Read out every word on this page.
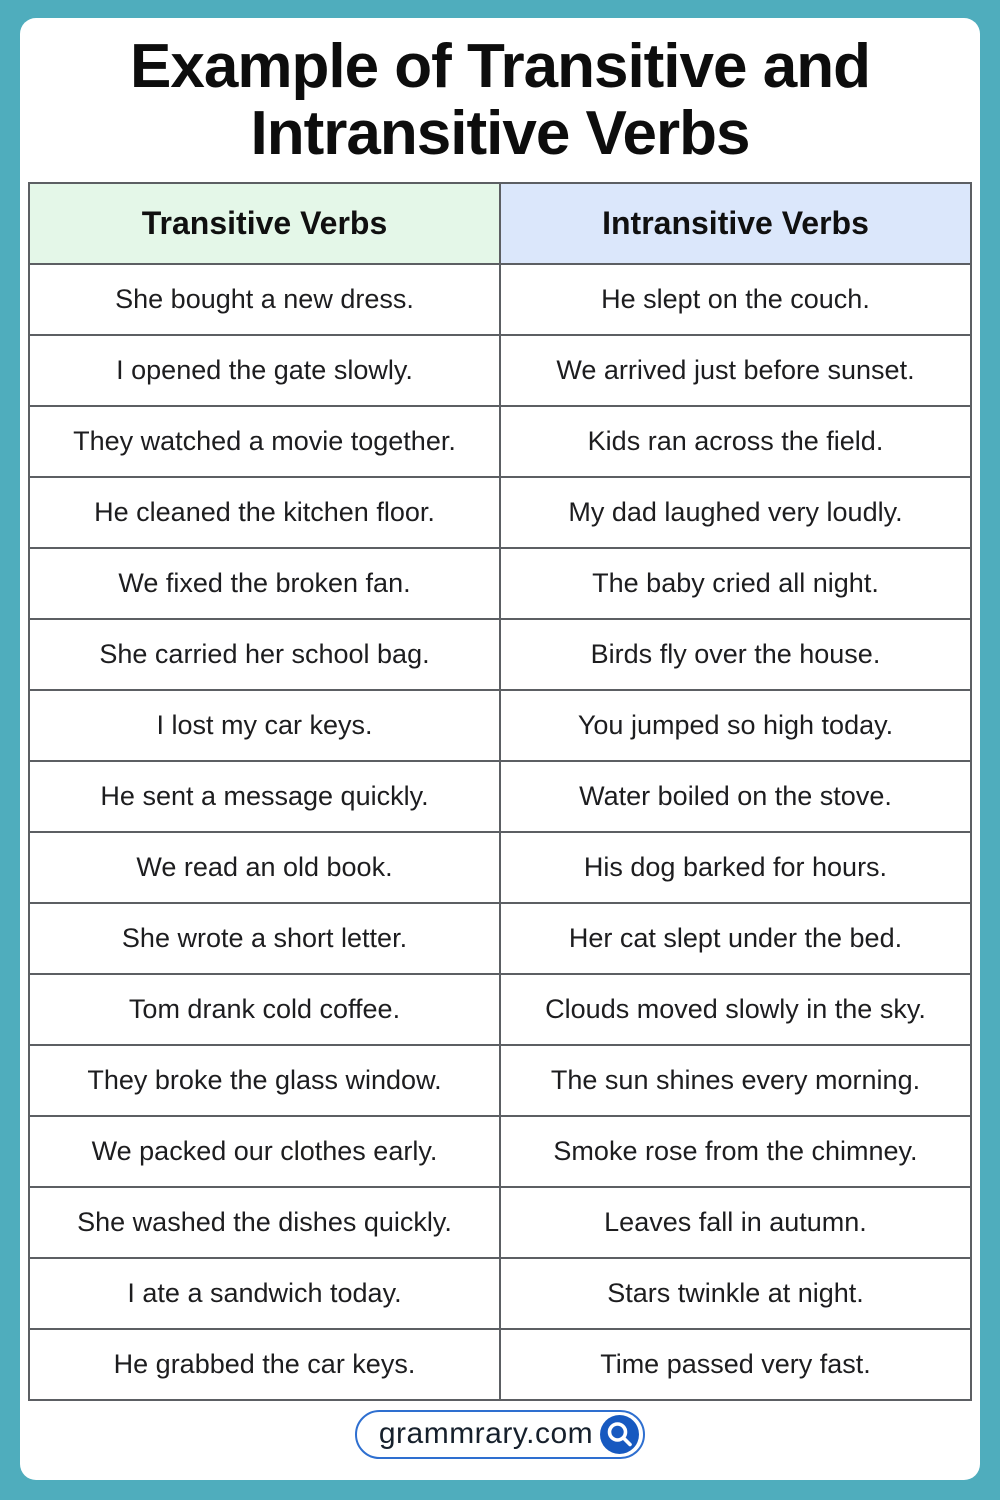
Example of Transitive and
Intransitive Verbs
Transitive Verbs	Intransitive Verbs
She bought a new dress.	He slept on the couch.
I opened the gate slowly.	We arrived just before sunset.
They watched a movie together.	Kids ran across the field.
He cleaned the kitchen floor.	My dad laughed very loudly.
We fixed the broken fan.	The baby cried all night.
She carried her school bag.	Birds fly over the house.
I lost my car keys.	You jumped so high today.
He sent a message quickly.	Water boiled on the stove.
We read an old book.	His dog barked for hours.
She wrote a short letter.	Her cat slept under the bed.
Tom drank cold coffee.	Clouds moved slowly in the sky.
They broke the glass window.	The sun shines every morning.
We packed our clothes early.	Smoke rose from the chimney.
She washed the dishes quickly.	Leaves fall in autumn.
I ate a sandwich today.	Stars twinkle at night.
He grabbed the car keys.	Time passed very fast.
grammrary.com
